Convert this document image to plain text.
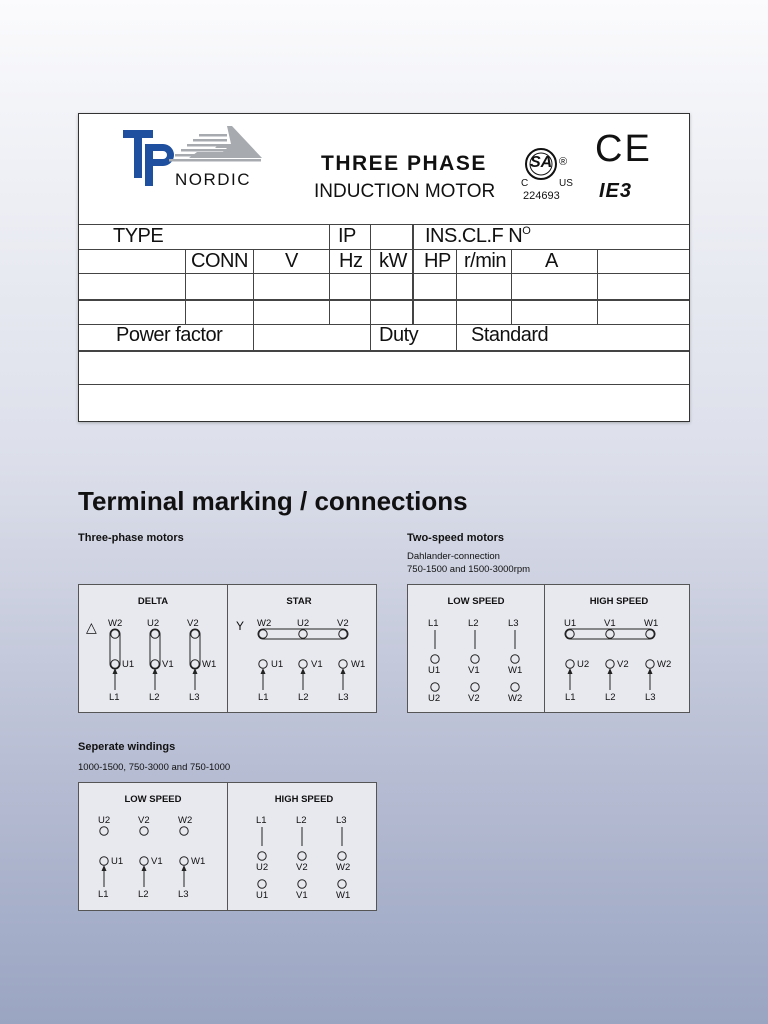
NORDIC
THREE PHASE
INDUCTION MOTOR
SA ®
C	US
224693
CE
IE3
TYPE	IP	INS.CL.F $N^O$
CONN V Hz kW HP r/min A
Power factor	Duty	Standard
Terminal marking / connections
Three-phase motors	Two-speed motors
Dahlander-connection
750-1500 and 1500-3000rpm
Seperate windings
1000-1500, 750-3000 and 750-1000
DELTA	STAR	LOW SPEED	HIGH SPEED
LOW SPEED	HIGH SPEED
△	Y
W2	U2	V2
U1	V1	W1
L1	L2	L3
W2	U2	V2
U1	V1	W1
L1	L2	L3
L1	L2	L3
U1	V1	W1
U2	V2	W2
U1	V1	W1
U2	V2	W2
L1	L2	L3
U2	V2	W2
U1	V1	W1
L1	L2	L3
L1	L2	L3
U2	V2	W2
U1	V1	W1
